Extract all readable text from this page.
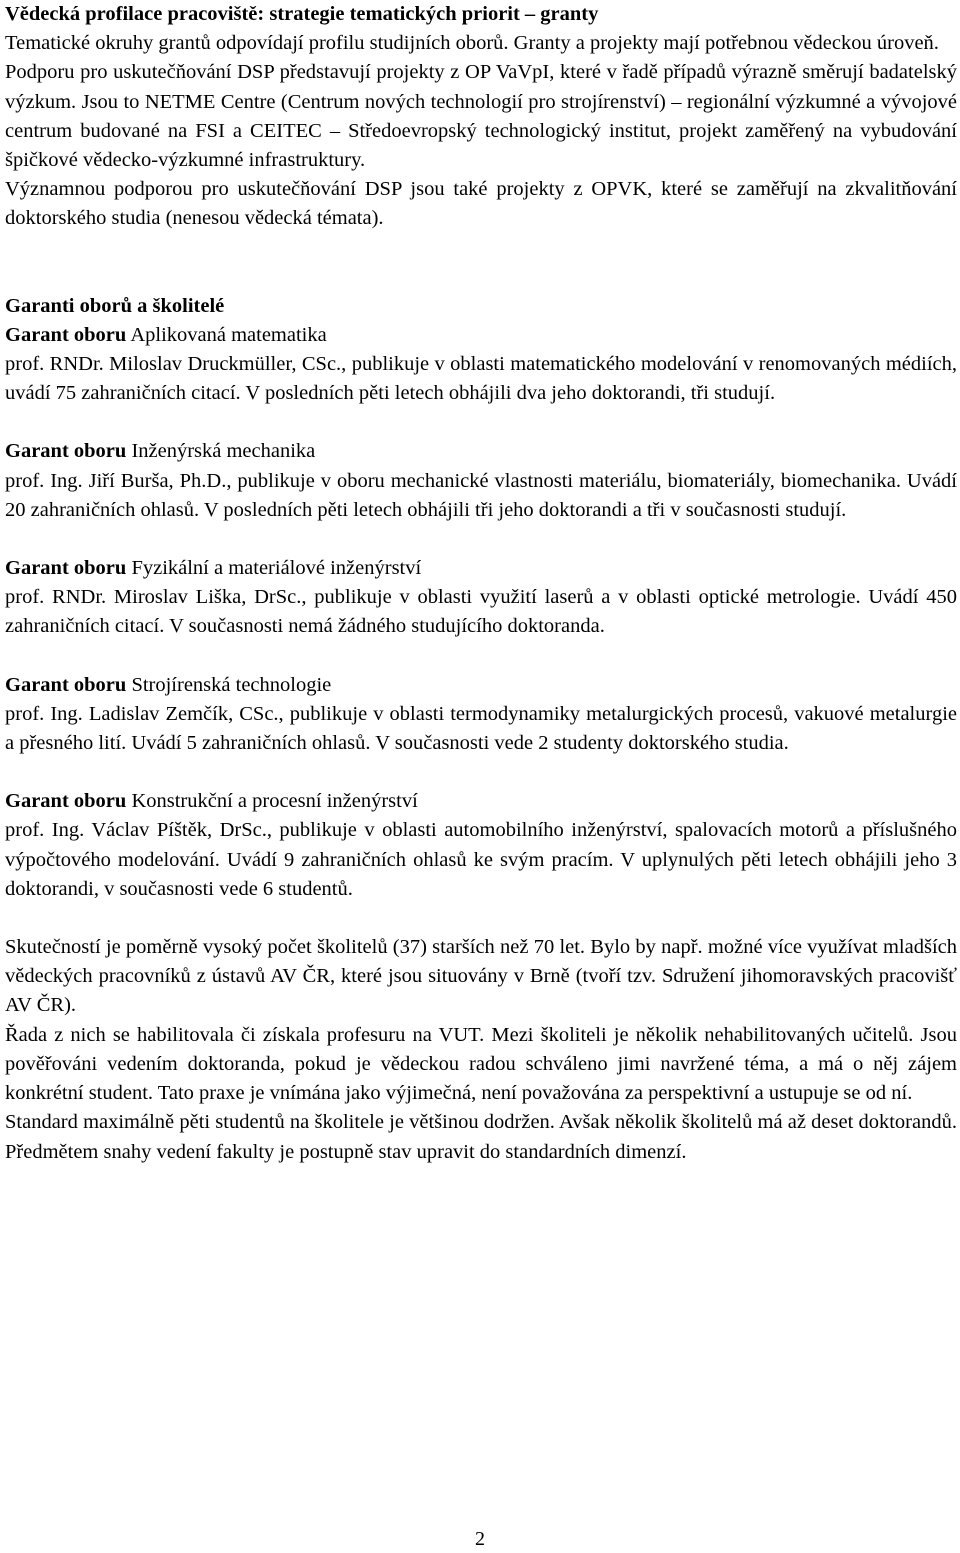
Vědecká profilace pracoviště: strategie tematických priorit – granty

Tematické okruhy grantů odpovídají profilu studijních oborů. Granty a projekty mají potřebnou vědeckou úroveň.

Podporu pro uskutečňování DSP představují projekty z OP VaVpI, které v řadě případů výrazně směrují badatelský výzkum. Jsou to NETME Centre (Centrum nových technologií pro strojírenství) – regionální výzkumné a vývojové centrum budované na FSI a CEITEC – Středoevropský technologický institut, projekt zaměřený na vybudování špičkové vědecko-výzkumné infrastruktury.

Významnou podporou pro uskutečňování DSP jsou také projekty z OPVK, které se zaměřují na zkvalitňování doktorského studia (nenesou vědecká témata).

Garanti oborů a školitelé
Garant oboru Aplikovaná matematika

prof. RNDr. Miloslav Druckmüller, CSc., publikuje v oblasti matematického modelování v renomovaných médiích, uvádí 75 zahraničních citací. V posledních pěti letech obhájili dva jeho doktorandi, tři studují.

Garant oboru Inženýrská mechanika

prof. Ing. Jiří Burša, Ph.D., publikuje v oboru mechanické vlastnosti materiálu, biomateriály, biomechanika. Uvádí 20 zahraničních ohlasů. V posledních pěti letech obhájili tři jeho doktorandi a tři v současnosti studují.

Garant oboru Fyzikální a materiálové inženýrství

prof. RNDr. Miroslav Liška, DrSc., publikuje v oblasti využití laserů a v oblasti optické metrologie. Uvádí 450 zahraničních citací. V současnosti nemá žádného studujícího doktoranda.

Garant oboru Strojírenská technologie

prof. Ing. Ladislav Zemčík, CSc., publikuje v oblasti termodynamiky metalurgických procesů, vakuové metalurgie a přesného lití. Uvádí 5 zahraničních ohlasů. V současnosti vede 2 studenty doktorského studia.

Garant oboru Konstrukční a procesní inženýrství

prof. Ing. Václav Píštěk, DrSc., publikuje v oblasti automobilního inženýrství, spalovacích motorů a příslušného výpočtového modelování. Uvádí 9 zahraničních ohlasů ke svým pracím. V uplynulých pěti letech obhájili jeho 3 doktorandi, v současnosti vede 6 studentů.

Skutečností je poměrně vysoký počet školitelů (37) starších než 70 let. Bylo by např. možné více využívat mladších vědeckých pracovníků z ústavů AV ČR, které jsou situovány v Brně (tvoří tzv. Sdružení jihomoravských pracovišť AV ČR).

Řada z nich se habilitovala či získala profesuru na VUT. Mezi školiteli je několik nehabilitovaných učitelů. Jsou pověřováni vedením doktoranda, pokud je vědeckou radou schváleno jimi navržené téma, a má o něj zájem konkrétní student. Tato praxe je vnímána jako výjimečná, není považována za perspektivní a ustupuje se od ní.

Standard maximálně pěti studentů na školitele je většinou dodržen. Avšak několik školitelů má až deset doktorandů. Předmětem snahy vedení fakulty je postupně stav upravit do standardních dimenzí.

2
